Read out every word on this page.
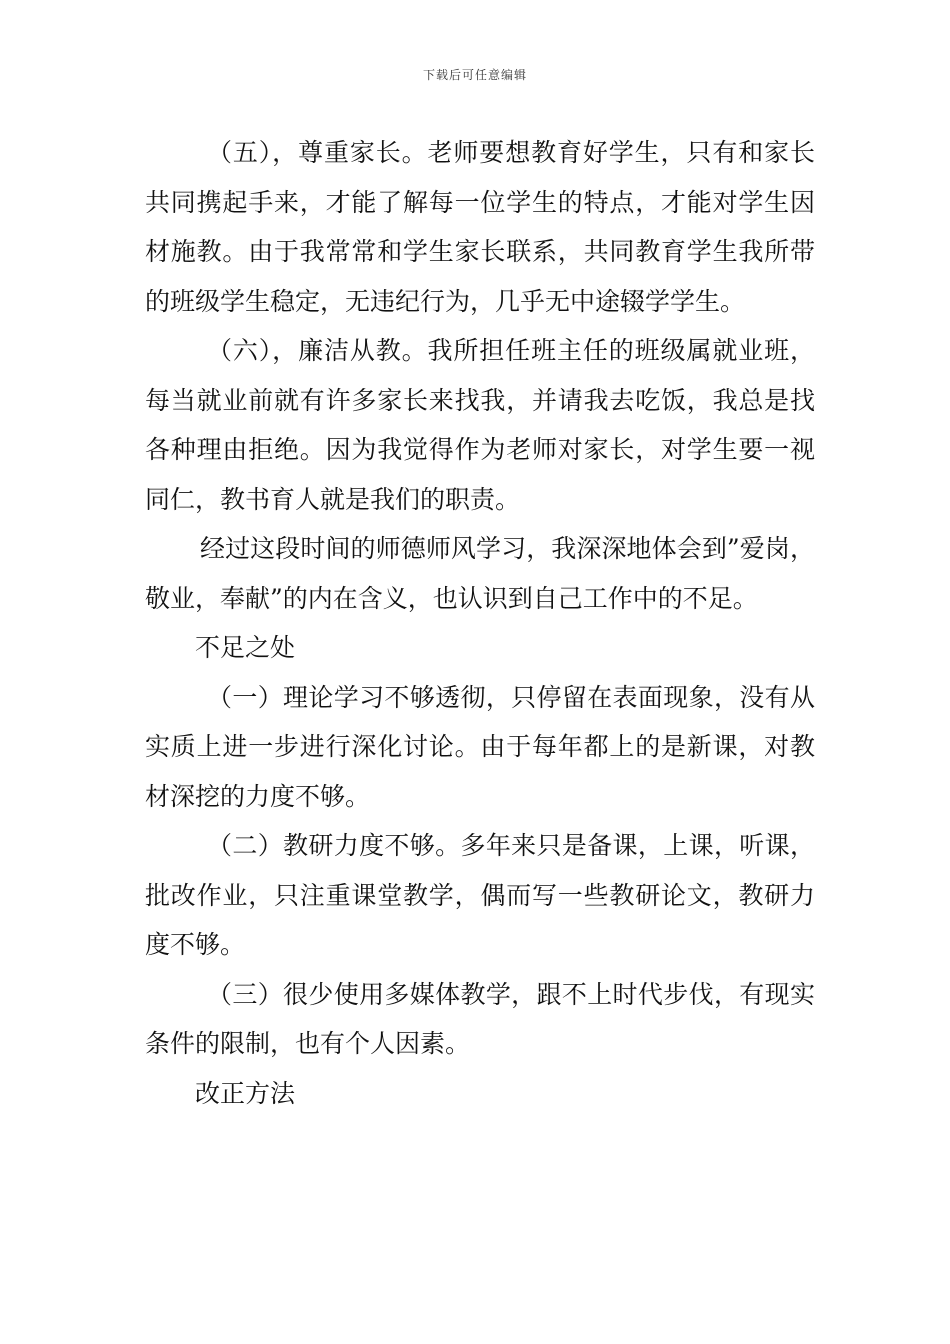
下载后可任意编辑

（五），尊重家长。老师要想教育好学生，只有和家长共同携起手来，才能了解每一位学生的特点，才能对学生因材施教。由于我常常和学生家长联系，共同教育学生我所带的班级学生稳定，无违纪行为，几乎无中途辍学学生。

（六），廉洁从教。我所担任班主任的班级属就业班，每当就业前就有许多家长来找我，并请我去吃饭，我总是找各种理由拒绝。因为我觉得作为老师对家长，对学生要一视同仁，教书育人就是我们的职责。

经过这段时间的师德师风学习，我深深地体会到”爱岗，敬业，奉献”的内在含义，也认识到自己工作中的不足。

不足之处

（一）理论学习不够透彻，只停留在表面现象，没有从实质上进一步进行深化讨论。由于每年都上的是新课，对教材深挖的力度不够。

（二）教研力度不够。多年来只是备课，上课，听课，批改作业，只注重课堂教学，偶而写一些教研论文，教研力度不够。

（三）很少使用多媒体教学，跟不上时代步伐，有现实条件的限制，也有个人因素。

改正方法
